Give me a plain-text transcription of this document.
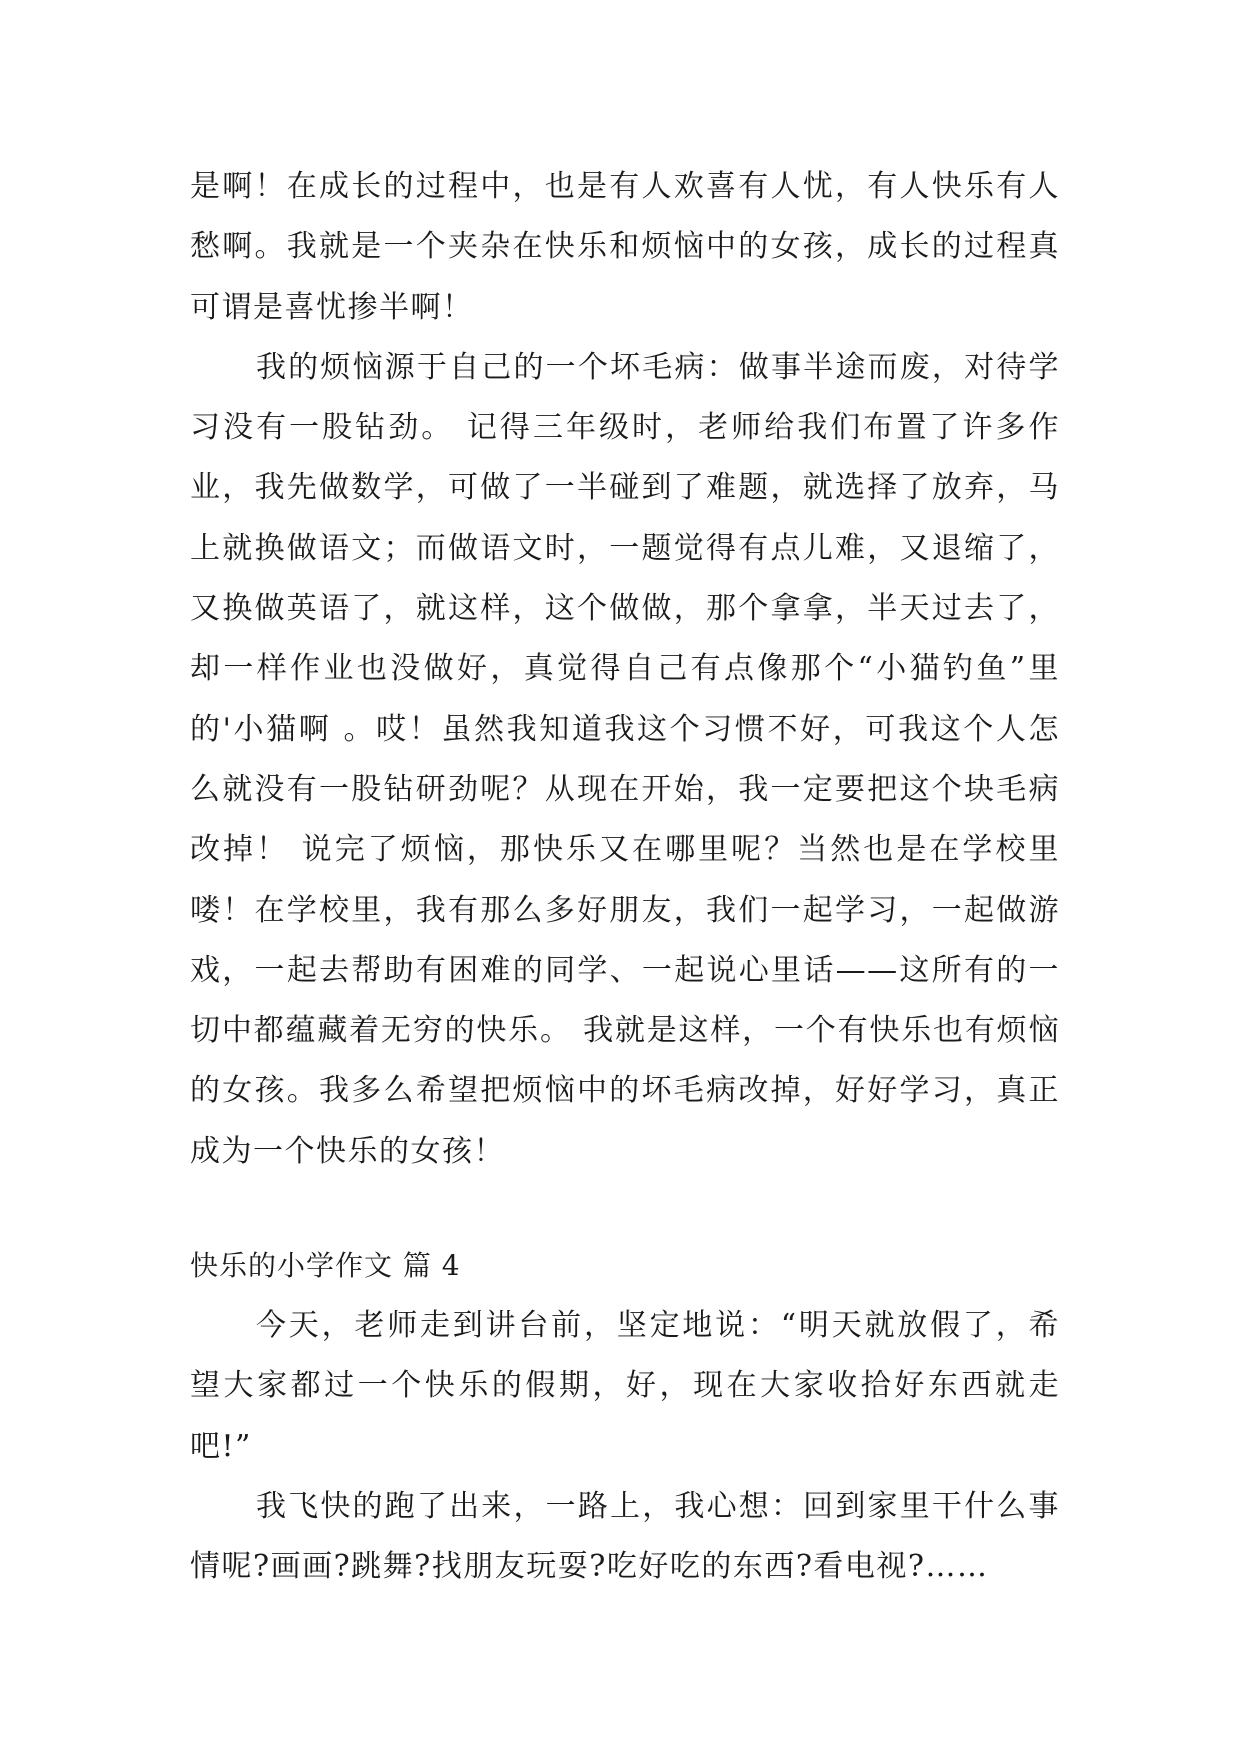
是啊！在成长的过程中，也是有人欢喜有人忧，有人快乐有人愁啊。我就是一个夹杂在快乐和烦恼中的女孩，成长的过程真可谓是喜忧掺半啊！

我的烦恼源于自己的一个坏毛病：做事半途而废，对待学习没有一股钻劲。 记得三年级时，老师给我们布置了许多作业，我先做数学，可做了一半碰到了难题，就选择了放弃，马上就换做语文；而做语文时，一题觉得有点儿难，又退缩了，又换做英语了，就这样，这个做做，那个拿拿，半天过去了，却一样作业也没做好，真觉得自己有点像那个“小猫钓鱼”里的'小猫啊 。哎！虽然我知道我这个习惯不好，可我这个人怎么就没有一股钻研劲呢？从现在开始，我一定要把这个块毛病改掉！ 说完了烦恼，那快乐又在哪里呢？当然也是在学校里喽！在学校里，我有那么多好朋友，我们一起学习，一起做游戏，一起去帮助有困难的同学、一起说心里话——这所有的一切中都蕴藏着无穷的快乐。 我就是这样，一个有快乐也有烦恼的女孩。我多么希望把烦恼中的坏毛病改掉，好好学习，真正成为一个快乐的女孩！

快乐的小学作文 篇 4

今天，老师走到讲台前，坚定地说：“明天就放假了，希望大家都过一个快乐的假期，好，现在大家收拾好东西就走吧!”

我飞快的跑了出来，一路上，我心想：回到家里干什么事情呢?画画?跳舞?找朋友玩耍?吃好吃的东西?看电视?……
